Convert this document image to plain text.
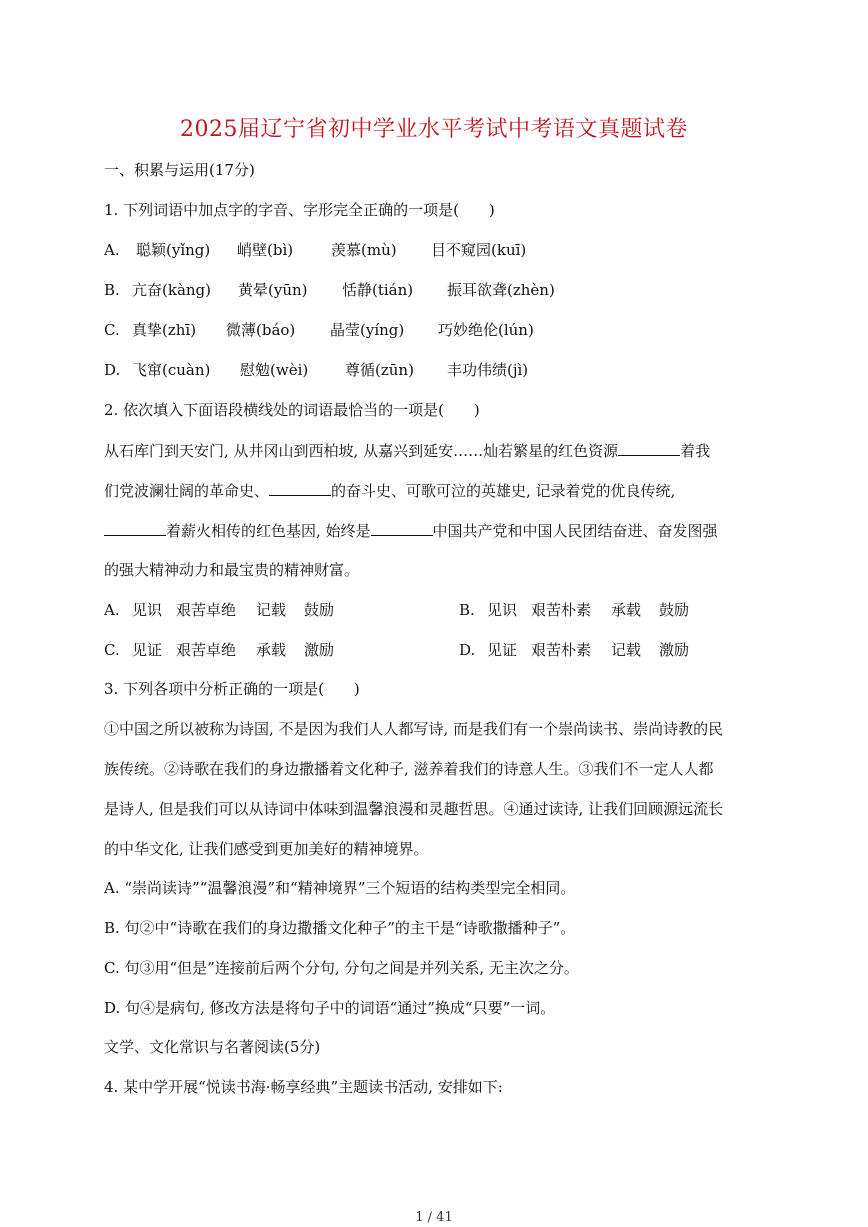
2025届辽宁省初中学业水平考试中考语文真题试卷
一、积累与运用(17分)
1. 下列词语中加点字的字音、字形完全正确的一项是(　　)
A. 聪颖(yǐng) 峭壁(bì)	羡慕(mù) 目不窥园(kuī)
B. 亢奋(kàng) 黄晕(yūn) 恬静(tián) 振耳欲聋(zhèn)
C. 真挚(zhī) 微薄(báo) 晶莹(yíng) 巧妙绝伦(lún)
D. 飞窜(cuàn) 慰勉(wèi) 尊循(zūn) 丰功伟绩(jì)
2. 依次填入下面语段横线处的词语最恰当的一项是(　　)
从石库门到天安门, 从井冈山到西柏坡, 从嘉兴到延安……灿若繁星的红色资源	着我
们党波澜壮阔的革命史、	的奋斗史、可歌可泣的英雄史, 记录着党的优良传统,
着薪火相传的红色基因, 始终是	中国共产党和中国人民团结奋进、奋发图强
的强大精神动力和最宝贵的精神财富。
A. 见识 艰苦卓绝 记载 鼓励	B. 见识 艰苦朴素 承载 鼓励
C. 见证 艰苦卓绝 承载 激励	D. 见证 艰苦朴素 记载 激励
3. 下列各项中分析正确的一项是(　　)
①中国之所以被称为诗国, 不是因为我们人人都写诗, 而是我们有一个崇尚读书、崇尚诗教的民
族传统。②诗歌在我们的身边撒播着文化种子, 滋养着我们的诗意人生。③我们不一定人人都
是诗人, 但是我们可以从诗词中体味到温馨浪漫和灵趣哲思。④通过读诗, 让我们回顾源远流长
的中华文化, 让我们感受到更加美好的精神境界。
A. “崇尚读诗”“温馨浪漫”和“精神境界”三个短语的结构类型完全相同。
B. 句②中“诗歌在我们的身边撒播文化种子”的主干是“诗歌撒播种子”。
C. 句③用“但是”连接前后两个分句, 分句之间是并列关系, 无主次之分。
D. 句④是病句, 修改方法是将句子中的词语“通过”换成“只要”一词。
文学、文化常识与名著阅读(5分)
4. 某中学开展“悦读书海·畅享经典”主题读书活动, 安排如下:
1 / 41
